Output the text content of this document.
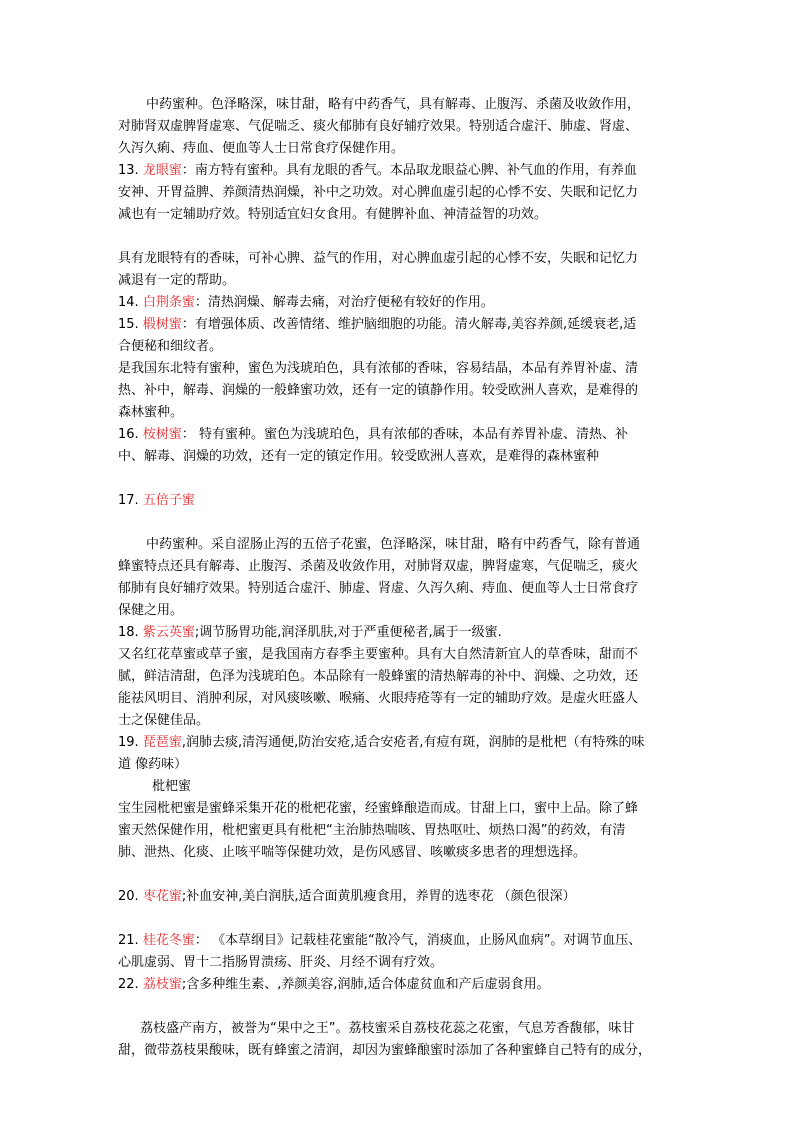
中药蜜种。色泽略深，味甘甜，略有中药香气，具有解毒、止腹泻、杀菌及收敛作用，
对肺肾双虚脾肾虚寒、气促喘乏、痰火郁肺有良好辅疗效果。特别适合虚汗、肺虚、肾虚、
久泻久痢、痔血、便血等人士日常食疗保健作用。
13. 龙眼蜜：南方特有蜜种。具有龙眼的香气。本品取龙眼益心脾、补气血的作用，有养血
安神、开胃益脾、养颜清热润燥，补中之功效。对心脾血虚引起的心悸不安、失眠和记忆力
减也有一定辅助疗效。特别适宜妇女食用。有健脾补血、神清益智的功效。
具有龙眼特有的香味，可补心脾、益气的作用，对心脾血虚引起的心悸不安，失眠和记忆力
减退有一定的帮助。
14. 白荆条蜜：清热润燥、解毒去痛，对治疗便秘有较好的作用。
15. 椴树蜜：有增强体质、改善情绪、维护脑细胞的功能。清火解毒,美容养颜,延缓衰老,适
合便秘和细纹者。
是我国东北特有蜜种，蜜色为浅琥珀色，具有浓郁的香味，容易结晶，本品有养胃补虚、清
热、补中，解毒、润燥的一般蜂蜜功效，还有一定的镇静作用。较受欧洲人喜欢，是难得的
森林蜜种。
16. 桉树蜜： 特有蜜种。蜜色为浅琥珀色，具有浓郁的香味，本品有养胃补虚、清热、补
中、解毒、润燥的功效，还有一定的镇定作用。较受欧洲人喜欢，是难得的森林蜜种
17. 五倍子蜜
中药蜜种。采自涩肠止泻的五倍子花蜜，色泽略深，味甘甜，略有中药香气，除有普通
蜂蜜特点还具有解毒、止腹泻、杀菌及收敛作用，对肺肾双虚，脾肾虚寒，气促喘乏，痰火
郁肺有良好辅疗效果。特别适合虚汗、肺虚、肾虚、久泻久痢、痔血、便血等人士日常食疗
保健之用。
18. 紫云英蜜;调节肠胃功能,润泽肌肤,对于严重便秘者,属于一级蜜.
又名红花草蜜或草子蜜，是我国南方春季主要蜜种。具有大自然清新宜人的草香味，甜而不
腻，鲜洁清甜，色泽为浅琥珀色。本品除有一般蜂蜜的清热解毒的补中、润燥、之功效，还
能祛风明目、消肿利尿，对风痰咳嗽、喉痛、火眼痔疮等有一定的辅助疗效。是虚火旺盛人
士之保健佳品。
19. 琵琶蜜,润肺去痰,清泻通便,防治安疮,适合安疮者,有痘有斑，润肺的是枇杷（有特殊的味
道 像药味）
枇杷蜜
宝生园枇杷蜜是蜜蜂采集开花的枇杷花蜜，经蜜蜂酿造而成。甘甜上口，蜜中上品。除了蜂
蜜天然保健作用，枇杷蜜更具有枇杷“主治肺热喘咳、胃热呕吐、烦热口渴”的药效，有清
肺、泄热、化痰、止咳平喘等保健功效，是伤风感冒、咳嗽痰多患者的理想选择。
20. 枣花蜜;补血安神,美白润肤,适合面黄肌瘦食用，养胃的选枣花 （颜色很深）
21. 桂花冬蜜： 《本草纲目》记载桂花蜜能“散冷气，消痰血，止肠风血病”。对调节血压、
心肌虚弱、胃十二指肠胃溃疡、肝炎、月经不调有疗效。
22. 荔枝蜜;含多种维生素、,养颜美容,润肺,适合体虚贫血和产后虚弱食用。
荔枝盛产南方，被誉为“果中之王”。荔枝蜜采自荔枝花蕊之花蜜，气息芳香馥郁，味甘
甜，微带荔枝果酸味，既有蜂蜜之清润，却因为蜜蜂酿蜜时添加了各种蜜蜂自己特有的成分，
